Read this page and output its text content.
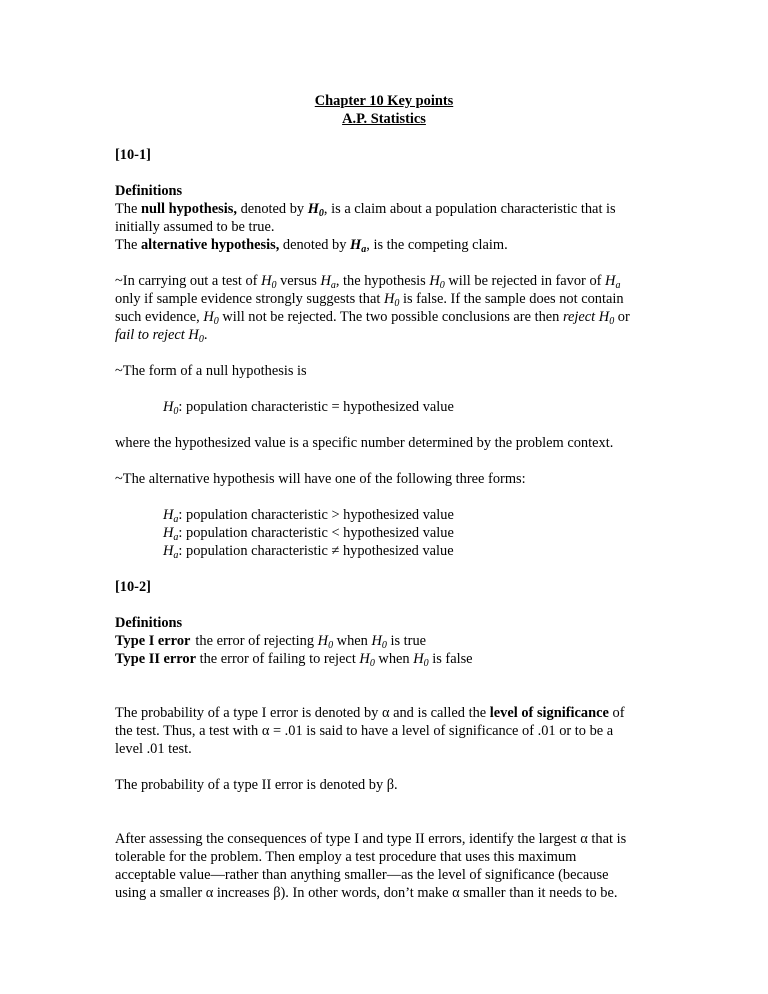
Chapter 10 Key points
A.P. Statistics
[10-1]
Definitions
The null hypothesis, denoted by $H_0$, is a claim about a population characteristic that is
initially assumed to be true.
The alternative hypothesis, denoted by $H_a$, is the competing claim.
~In carrying out a test of $H_0$ versus $H_a$, the hypothesis $H_0$ will be rejected in favor of $H_a$
only if sample evidence strongly suggests that $H_0$ is false. If the sample does not contain
such evidence, $H_0$ will not be rejected. The two possible conclusions are then reject $H_0$ or
fail to reject $H_0$.
~The form of a null hypothesis is
$H_0$: population characteristic = hypothesized value
where the hypothesized value is a specific number determined by the problem context.
~The alternative hypothesis will have one of the following three forms:
$H_a$: population characteristic > hypothesized value
$H_a$: population characteristic < hypothesized value
$H_a$: population characteristic ≠ hypothesized value
[10-2]
Definitions
Type I error the error of rejecting $H_0$ when $H_0$ is true
Type II error the error of failing to reject $H_0$ when $H_0$ is false
The probability of a type I error is denoted by α and is called the level of significance of
the test. Thus, a test with α = .01 is said to have a level of significance of .01 or to be a
level .01 test.
The probability of a type II error is denoted by β.
After assessing the consequences of type I and type II errors, identify the largest α that is
tolerable for the problem. Then employ a test procedure that uses this maximum
acceptable value—rather than anything smaller—as the level of significance (because
using a smaller α increases β). In other words, don’t make α smaller than it needs to be.
